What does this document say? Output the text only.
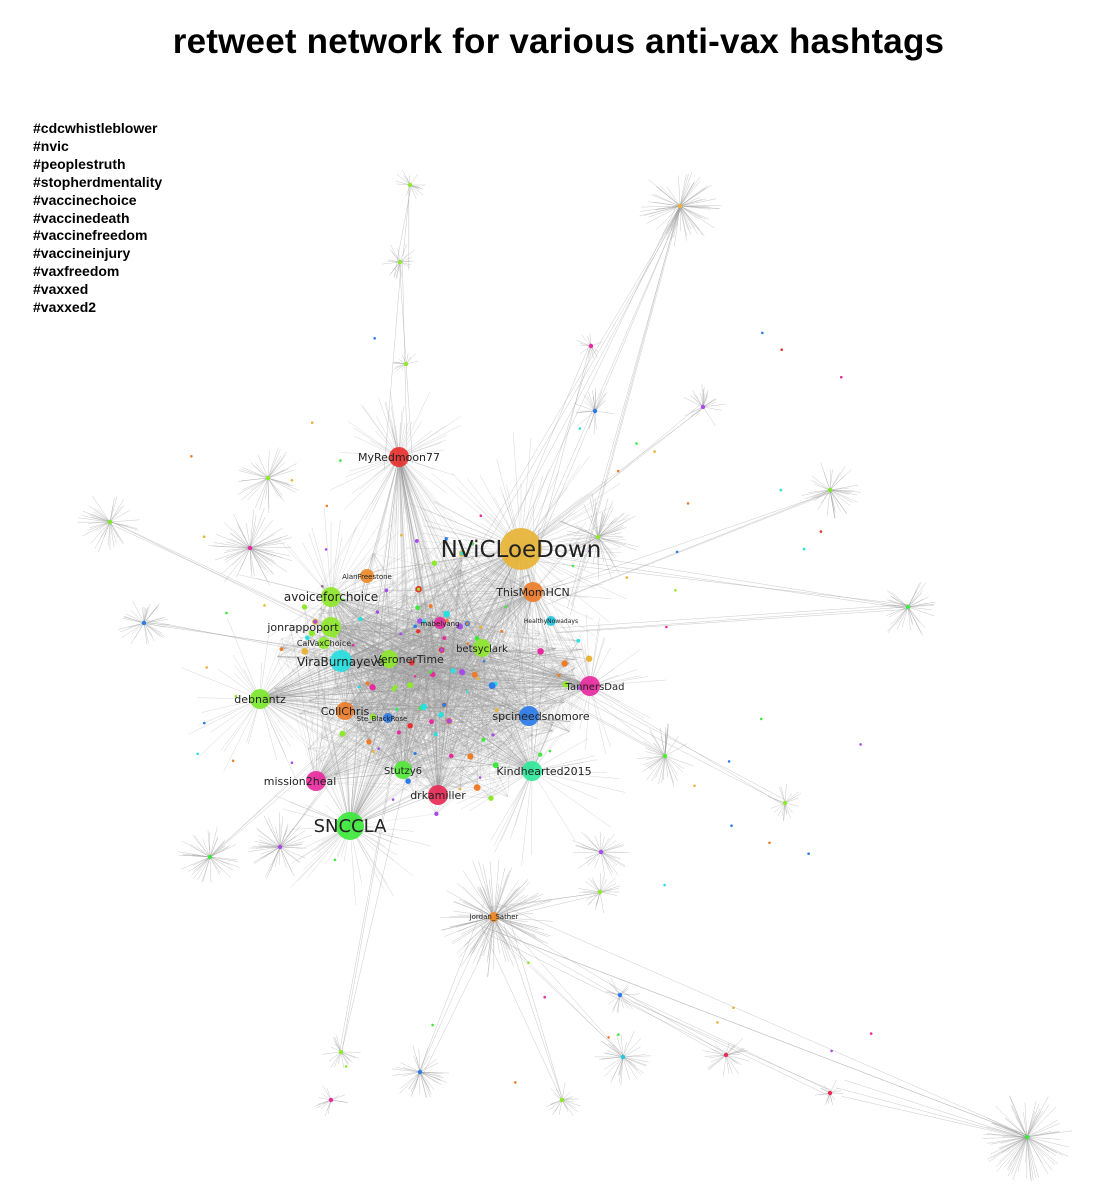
NViCLoeDown
SNCCLA
MyRedmoon77
avoiceforchoice
jonrappoport
ViraBurnayeva
VeronerTime
debnantz
CollChris
mission2heal
Stutzy6
drkamiller
Kindhearted2015
spcineedsnomore
TannersDad
ThisMomHCN
betsyclark
AlanFreestone
CalVaxChoice
mabelyang	HealthyNowadays
Ste_BlackRose
Jordan_Sather
retweet network for various anti-vax hashtags
#cdcwhistleblower
#nvic
#peoplestruth
#stopherdmentality
#vaccinechoice
#vaccinedeath
#vaccinefreedom
#vaccineinjury
#vaxfreedom
#vaxxed
#vaxxed2
